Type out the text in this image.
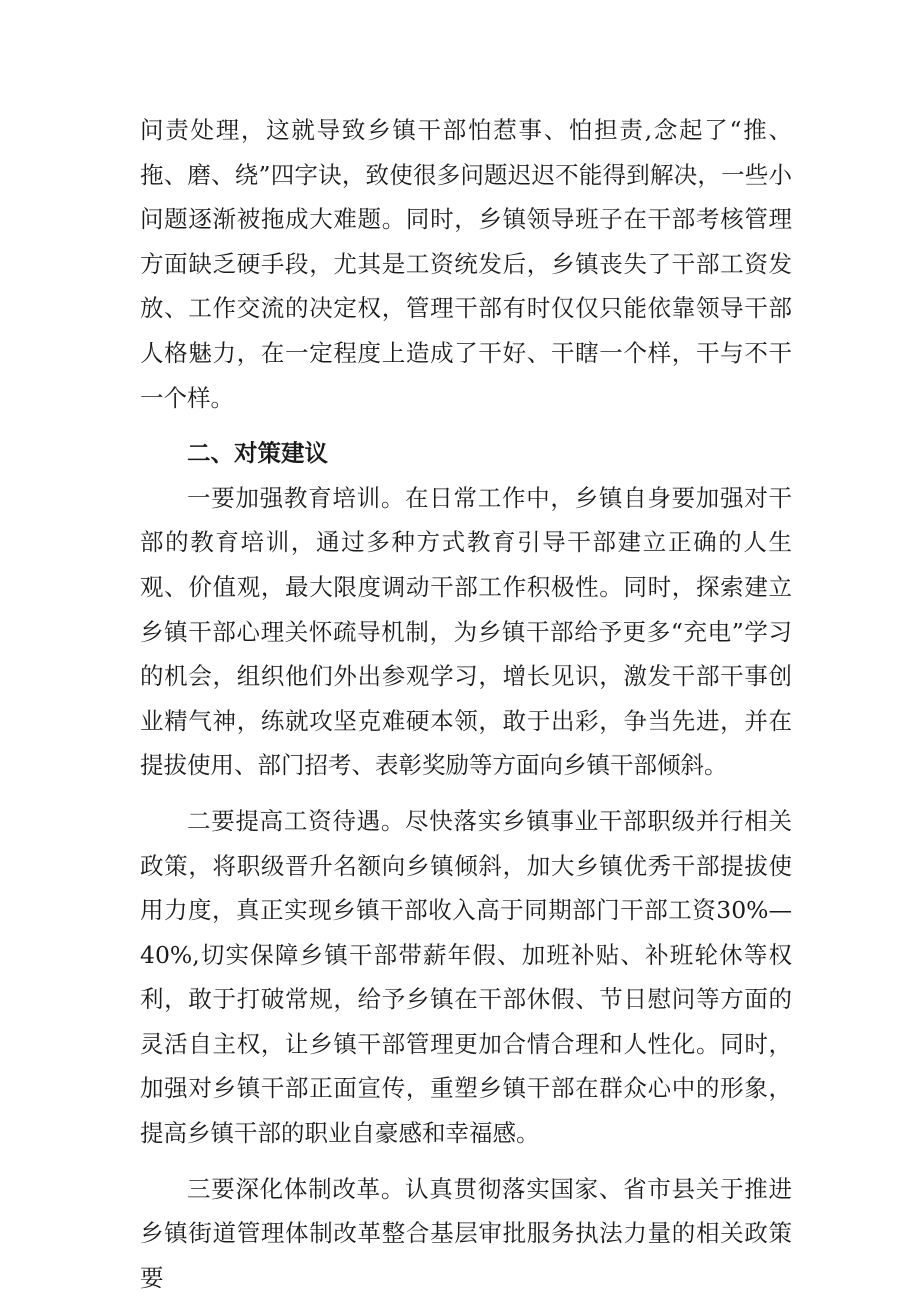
问责处理，这就导致乡镇干部怕惹事、怕担责,念起了“推、拖、磨、绕”四字诀，致使很多问题迟迟不能得到解决，一些小问题逐渐被拖成大难题。同时，乡镇领导班子在干部考核管理方面缺乏硬手段，尤其是工资统发后，乡镇丧失了干部工资发放、工作交流的决定权，管理干部有时仅仅只能依靠领导干部人格魅力，在一定程度上造成了干好、干瞎一个样，干与不干一个样。

二、对策建议

一要加强教育培训。在日常工作中，乡镇自身要加强对干部的教育培训，通过多种方式教育引导干部建立正确的人生观、价值观，最大限度调动干部工作积极性。同时，探索建立乡镇干部心理关怀疏导机制，为乡镇干部给予更多“充电”学习的机会，组织他们外出参观学习，增长见识，激发干部干事创业精气神，练就攻坚克难硬本领，敢于出彩，争当先进，并在提拔使用、部门招考、表彰奖励等方面向乡镇干部倾斜。

二要提高工资待遇。尽快落实乡镇事业干部职级并行相关政策，将职级晋升名额向乡镇倾斜，加大乡镇优秀干部提拔使用力度，真正实现乡镇干部收入高于同期部门干部工资30%—40%,切实保障乡镇干部带薪年假、加班补贴、补班轮休等权利，敢于打破常规，给予乡镇在干部休假、节日慰问等方面的灵活自主权，让乡镇干部管理更加合情合理和人性化。同时，加强对乡镇干部正面宣传，重塑乡镇干部在群众心中的形象，提高乡镇干部的职业自豪感和幸福感。

三要深化体制改革。认真贯彻落实国家、省市县关于推进乡镇街道管理体制改革整合基层审批服务执法力量的相关政策要
